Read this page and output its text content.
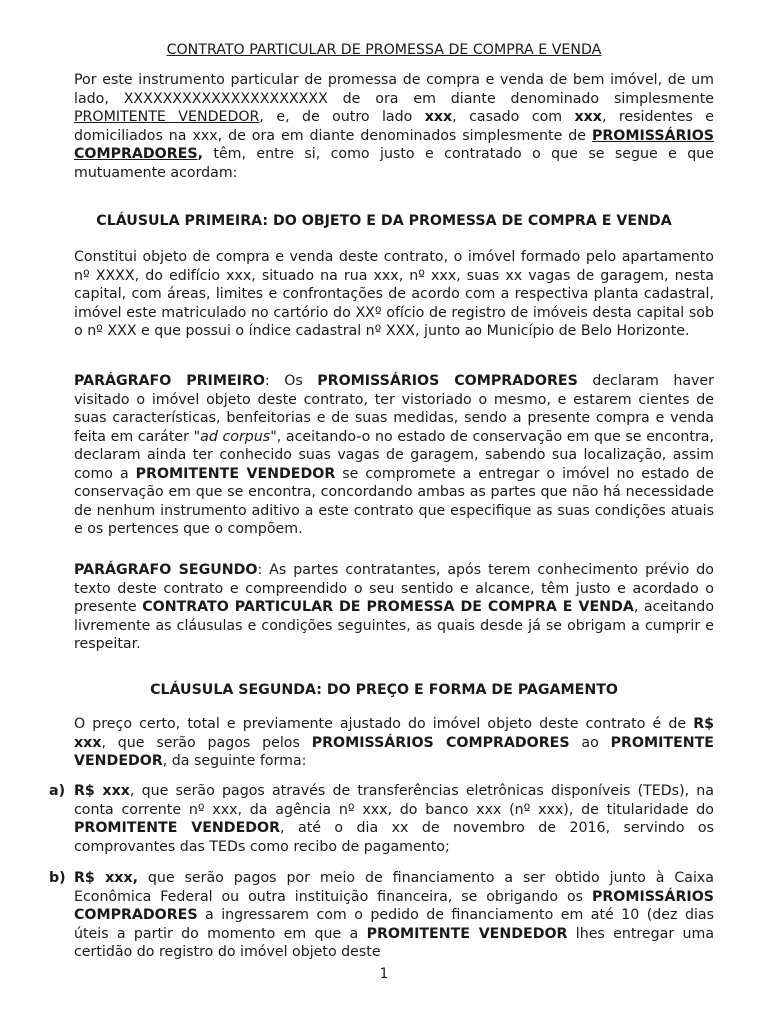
CONTRATO PARTICULAR DE PROMESSA DE COMPRA E VENDA

Por este instrumento particular de promessa de compra e venda de bem imóvel, de um lado, XXXXXXXXXXXXXXXXXXXXX de ora em diante denominado simplesmente PROMITENTE VENDEDOR, e, de outro lado xxx, casado com xxx, residentes e domiciliados na xxx, de ora em diante denominados simplesmente de PROMISSÁRIOS COMPRADORES, têm, entre si, como justo e contratado o que se segue e que mutuamente acordam:

CLÁUSULA PRIMEIRA: DO OBJETO E DA PROMESSA DE COMPRA E VENDA

Constitui objeto de compra e venda deste contrato, o imóvel formado pelo apartamento nº XXXX, do edifício xxx, situado na rua xxx, nº xxx, suas xx vagas de garagem, nesta capital, com áreas, limites e confrontações de acordo com a respectiva planta cadastral, imóvel este matriculado no cartório do XXº ofício de registro de imóveis desta capital sob o nº XXX e que possui o índice cadastral nº XXX, junto ao Município de Belo Horizonte.

PARÁGRAFO PRIMEIRO: Os PROMISSÁRIOS COMPRADORES declaram haver visitado o imóvel objeto deste contrato, ter vistoriado o mesmo, e estarem cientes de suas características, benfeitorias e de suas medidas, sendo a presente compra e venda feita em caráter "ad corpus", aceitando-o no estado de conservação em que se encontra, declaram ainda ter conhecido suas vagas de garagem, sabendo sua localização, assim como a PROMITENTE VENDEDOR se compromete a entregar o imóvel no estado de conservação em que se encontra, concordando ambas as partes que não há necessidade de nenhum instrumento aditivo a este contrato que especifique as suas condições atuais e os pertences que o compõem.

PARÁGRAFO SEGUNDO: As partes contratantes, após terem conhecimento prévio do texto deste contrato e compreendido o seu sentido e alcance, têm justo e acordado o presente CONTRATO PARTICULAR DE PROMESSA DE COMPRA E VENDA, aceitando livremente as cláusulas e condições seguintes, as quais desde já se obrigam a cumprir e respeitar.

CLÁUSULA SEGUNDA: DO PREÇO E FORMA DE PAGAMENTO

O preço certo, total e previamente ajustado do imóvel objeto deste contrato é de R$ xxx, que serão pagos pelos PROMISSÁRIOS COMPRADORES ao PROMITENTE VENDEDOR, da seguinte forma:

a) R$ xxx, que serão pagos através de transferências eletrônicas disponíveis (TEDs), na conta corrente nº xxx, da agência nº xxx, do banco xxx (nº xxx), de titularidade do PROMITENTE VENDEDOR, até o dia xx de novembro de 2016, servindo os comprovantes das TEDs como recibo de pagamento;
b) R$ xxx, que serão pagos por meio de financiamento a ser obtido junto à Caixa Econômica Federal ou outra instituição financeira, se obrigando os PROMISSÁRIOS COMPRADORES a ingressarem com o pedido de financiamento em até 10 (dez dias úteis a partir do momento em que a PROMITENTE VENDEDOR lhes entregar uma certidão do registro do imóvel objeto deste
1
